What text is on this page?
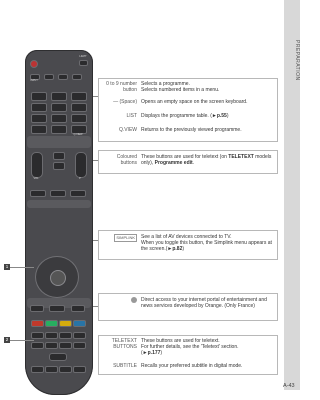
PREPARATION
A-43
LIGHT
INPUT
Q.VIEW
VOL	P
1
2
0 to 9 number button
Selects a programme.
Selects numbered items in a menu.
— (Space) Opens an empty space on the screen keyboard.
LIST Displays the programme table. (►p.55)
Q.VIEW Returns to the previously viewed programme.
Coloured buttons
These buttons are used for teletext (on TELETEXT models only), Programme edit.
SIMPLINK	See a list of AV devices connected to TV.
When you toggle this button, the Simplink menu appears at the screen.(►p.82)
Direct access to your internet portal of entertainment and news services developed by Orange. (Only France)
TELETEXT BUTTONS
These buttons are used for teletext.
For further details, see the 'Teletext' section.
(►p.177)
SUBTITLE Recalls your preferred subtitle in digital mode.
